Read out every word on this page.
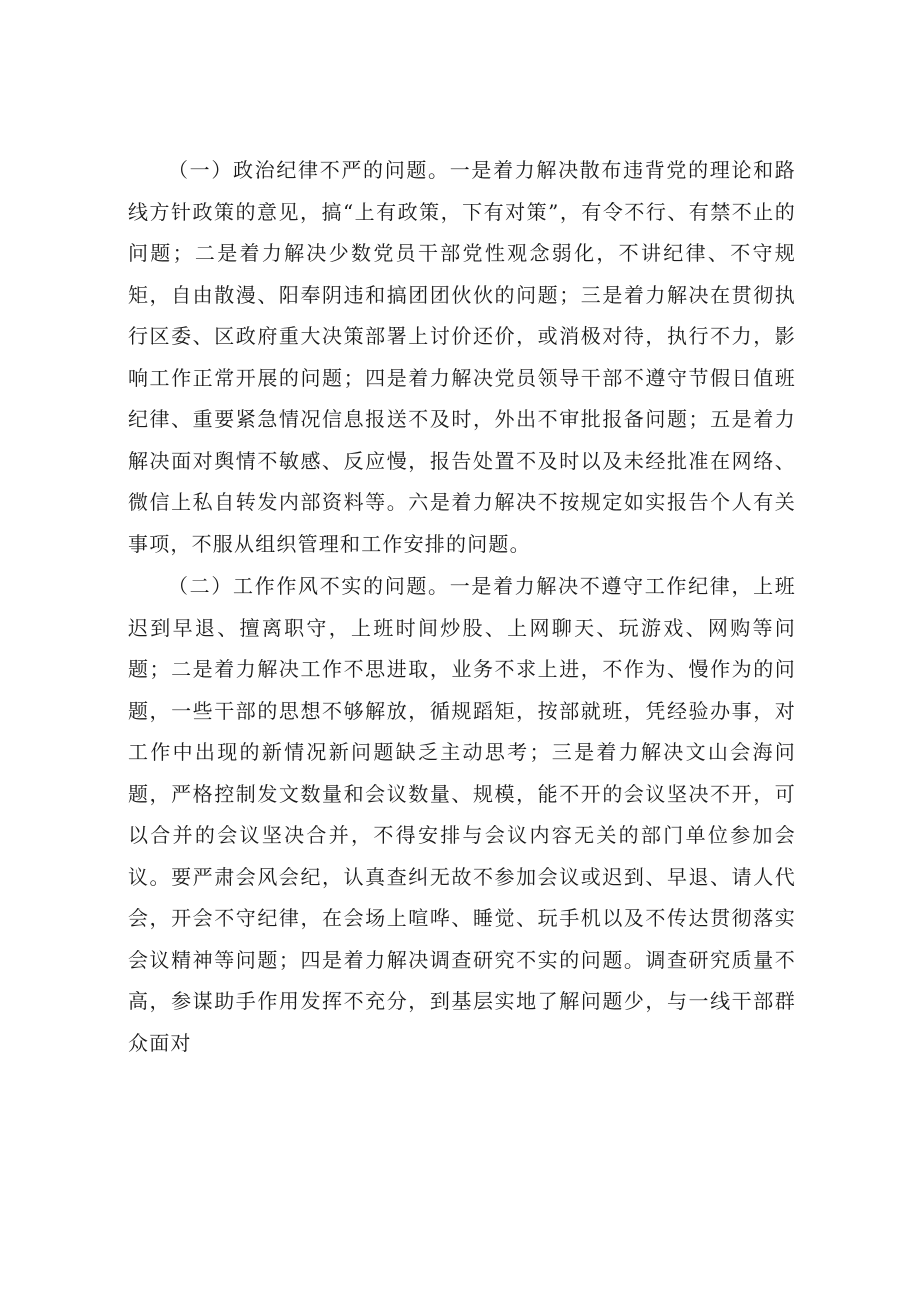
（一）政治纪律不严的问题。一是着力解决散布违背党的理论和路线方针政策的意见，搞“上有政策，下有对策”，有令不行、有禁不止的问题；二是着力解决少数党员干部党性观念弱化，不讲纪律、不守规矩，自由散漫、阳奉阴违和搞团团伙伙的问题；三是着力解决在贯彻执行区委、区政府重大决策部署上讨价还价，或消极对待，执行不力，影响工作正常开展的问题；四是着力解决党员领导干部不遵守节假日值班纪律、重要紧急情况信息报送不及时，外出不审批报备问题；五是着力解决面对舆情不敏感、反应慢，报告处置不及时以及未经批准在网络、微信上私自转发内部资料等。六是着力解决不按规定如实报告个人有关事项，不服从组织管理和工作安排的问题。

（二）工作作风不实的问题。一是着力解决不遵守工作纪律，上班迟到早退、擅离职守，上班时间炒股、上网聊天、玩游戏、网购等问题；二是着力解决工作不思进取，业务不求上进，不作为、慢作为的问题，一些干部的思想不够解放，循规蹈矩，按部就班，凭经验办事，对工作中出现的新情况新问题缺乏主动思考；三是着力解决文山会海问题，严格控制发文数量和会议数量、规模，能不开的会议坚决不开，可以合并的会议坚决合并，不得安排与会议内容无关的部门单位参加会议。要严肃会风会纪，认真查纠无故不参加会议或迟到、早退、请人代会，开会不守纪律，在会场上喧哗、睡觉、玩手机以及不传达贯彻落实会议精神等问题；四是着力解决调查研究不实的问题。调查研究质量不高，参谋助手作用发挥不充分，到基层实地了解问题少，与一线干部群众面对
